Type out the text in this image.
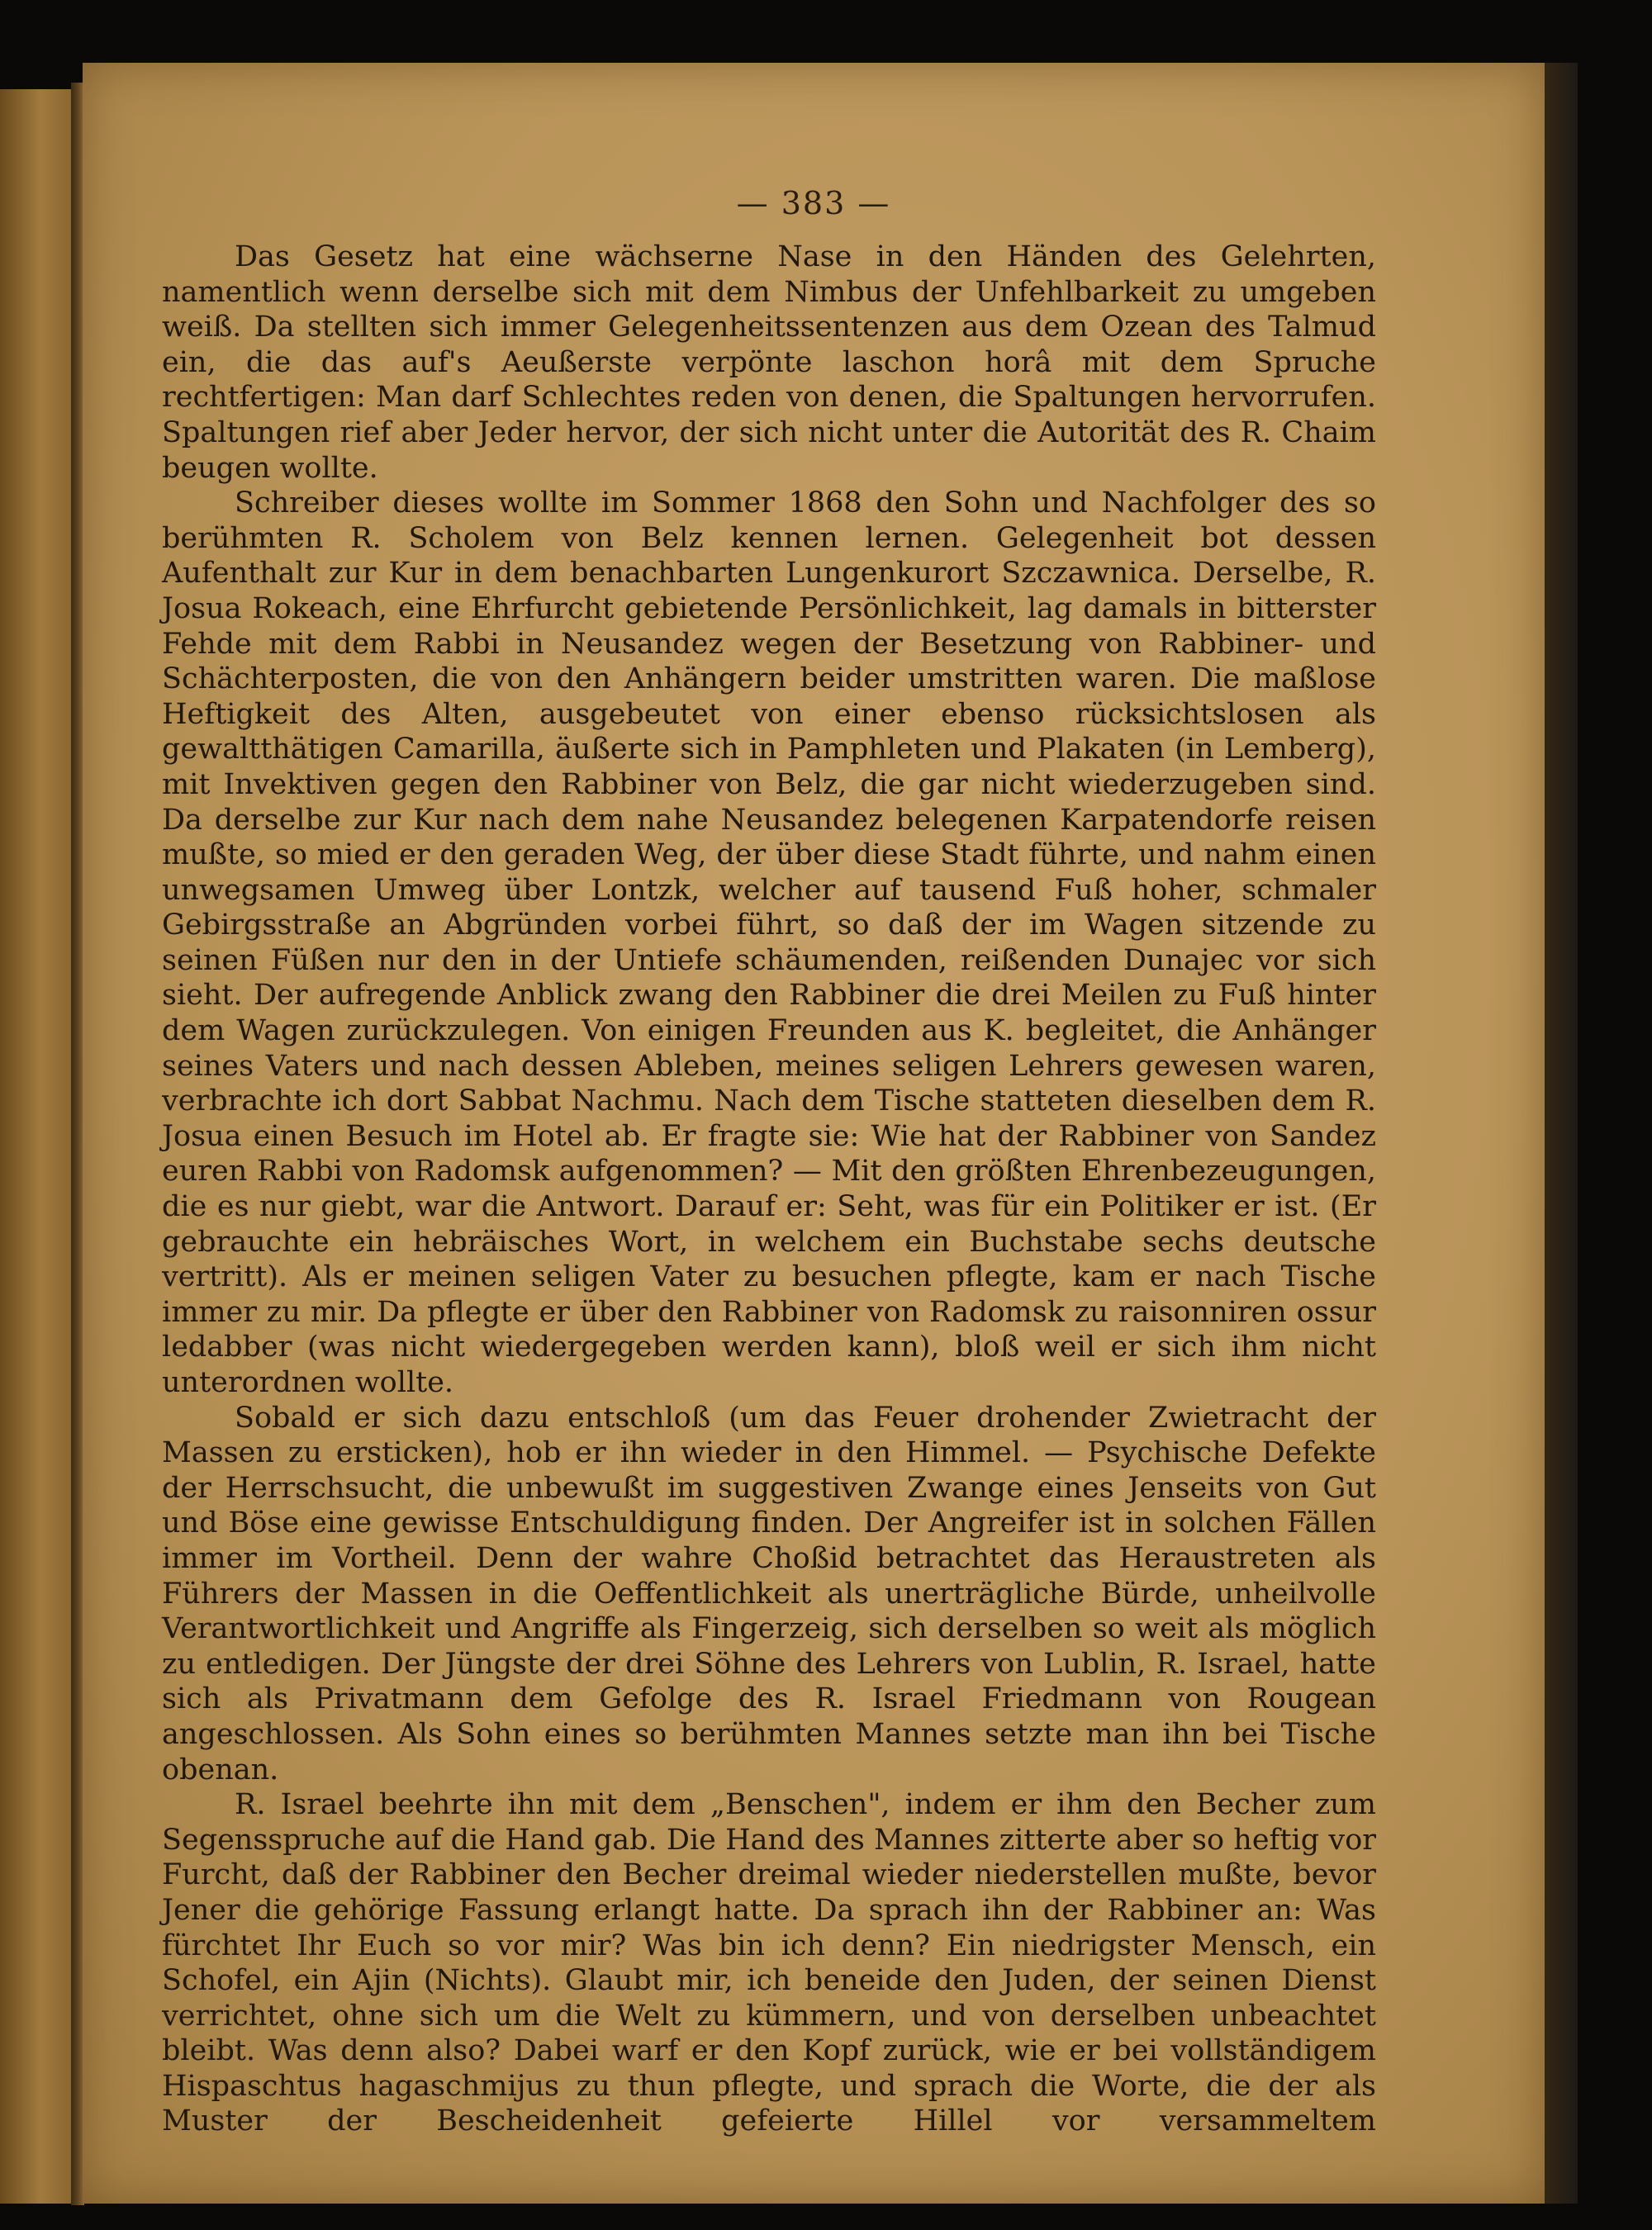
— 383 —

Das Gesetz hat eine wächserne Nase in den Händen des Gelehrten, namentlich wenn derselbe sich mit dem Nimbus der Unfehlbarkeit zu umgeben weiß. Da stellten sich immer Gelegenheitssentenzen aus dem Ozean des Talmud ein, die das auf's Aeußerste verpönte laschon horâ mit dem Spruche rechtfertigen: Man darf Schlechtes reden von denen, die Spaltungen hervorrufen. Spaltungen rief aber Jeder hervor, der sich nicht unter die Autorität des R. Chaim beugen wollte.

Schreiber dieses wollte im Sommer 1868 den Sohn und Nachfolger des so berühmten R. Scholem von Belz kennen lernen. Gelegenheit bot dessen Aufenthalt zur Kur in dem benachbarten Lungenkurort Szczawnica. Derselbe, R. Josua Rokeach, eine Ehrfurcht gebietende Persönlichkeit, lag damals in bitterster Fehde mit dem Rabbi in Neusandez wegen der Besetzung von Rabbiner- und Schächterposten, die von den Anhängern beider umstritten waren. Die maßlose Heftigkeit des Alten, ausgebeutet von einer ebenso rücksichtslosen als gewaltthätigen Camarilla, äußerte sich in Pamphleten und Plakaten (in Lemberg), mit Invektiven gegen den Rabbiner von Belz, die gar nicht wiederzugeben sind. Da derselbe zur Kur nach dem nahe Neusandez belegenen Karpatendorfe reisen mußte, so mied er den geraden Weg, der über diese Stadt führte, und nahm einen unwegsamen Umweg über Lontzk, welcher auf tausend Fuß hoher, schmaler Gebirgsstraße an Abgründen vorbei führt, so daß der im Wagen sitzende zu seinen Füßen nur den in der Untiefe schäumenden, reißenden Dunajec vor sich sieht. Der aufregende Anblick zwang den Rabbiner die drei Meilen zu Fuß hinter dem Wagen zurückzulegen. Von einigen Freunden aus K. begleitet, die Anhänger seines Vaters und nach dessen Ableben, meines seligen Lehrers gewesen waren, verbrachte ich dort Sabbat Nachmu. Nach dem Tische statteten dieselben dem R. Josua einen Besuch im Hotel ab. Er fragte sie: Wie hat der Rabbiner von Sandez euren Rabbi von Radomsk aufgenommen? — Mit den größten Ehrenbezeugungen, die es nur giebt, war die Antwort. Darauf er: Seht, was für ein Politiker er ist. (Er gebrauchte ein hebräisches Wort, in welchem ein Buchstabe sechs deutsche vertritt). Als er meinen seligen Vater zu besuchen pflegte, kam er nach Tische immer zu mir. Da pflegte er über den Rabbiner von Radomsk zu raisonniren ossur ledabber (was nicht wiedergegeben werden kann), bloß weil er sich ihm nicht unterordnen wollte.

Sobald er sich dazu entschloß (um das Feuer drohender Zwietracht der Massen zu ersticken), hob er ihn wieder in den Himmel. — Psychische Defekte der Herrschsucht, die unbewußt im suggestiven Zwange eines Jenseits von Gut und Böse eine gewisse Entschuldigung finden. Der Angreifer ist in solchen Fällen immer im Vortheil. Denn der wahre Choßid betrachtet das Heraustreten als Führers der Massen in die Oeffentlichkeit als unerträgliche Bürde, unheilvolle Verantwortlichkeit und Angriffe als Fingerzeig, sich derselben so weit als möglich zu entledigen. Der Jüngste der drei Söhne des Lehrers von Lublin, R. Israel, hatte sich als Privatmann dem Gefolge des R. Israel Friedmann von Rougean angeschlossen. Als Sohn eines so berühmten Mannes setzte man ihn bei Tische obenan.

R. Israel beehrte ihn mit dem „Benschen", indem er ihm den Becher zum Segensspruche auf die Hand gab. Die Hand des Mannes zitterte aber so heftig vor Furcht, daß der Rabbiner den Becher dreimal wieder niederstellen mußte, bevor Jener die gehörige Fassung erlangt hatte. Da sprach ihn der Rabbiner an: Was fürchtet Ihr Euch so vor mir? Was bin ich denn? Ein niedrigster Mensch, ein Schofel, ein Ajin (Nichts). Glaubt mir, ich beneide den Juden, der seinen Dienst verrichtet, ohne sich um die Welt zu kümmern, und von derselben unbeachtet bleibt. Was denn also? Dabei warf er den Kopf zurück, wie er bei vollständigem Hispaschtus hagaschmijus zu thun pflegte, und sprach die Worte, die der als Muster der Bescheidenheit gefeierte Hillel vor versammeltem
